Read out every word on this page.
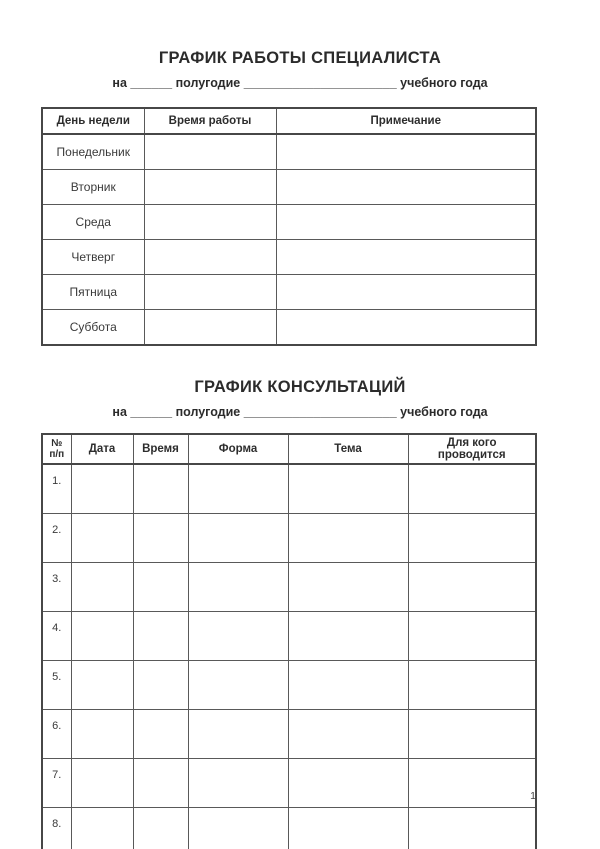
ГРАФИК РАБОТЫ СПЕЦИАЛИСТА
на ______ полугодие ______________________ учебного года
День недели	Время работы	Примечание
Понедельник		
Вторник		
Среда		
Четверг		
Пятница		
Суббота		
ГРАФИК КОНСУЛЬТАЦИЙ
на ______ полугодие ______________________ учебного года
№
п/п	Дата	Время	Форма	Тема	Для кого проводится
1.					
2.					
3.					
4.					
5.					
6.					
7.					
8.					
1
